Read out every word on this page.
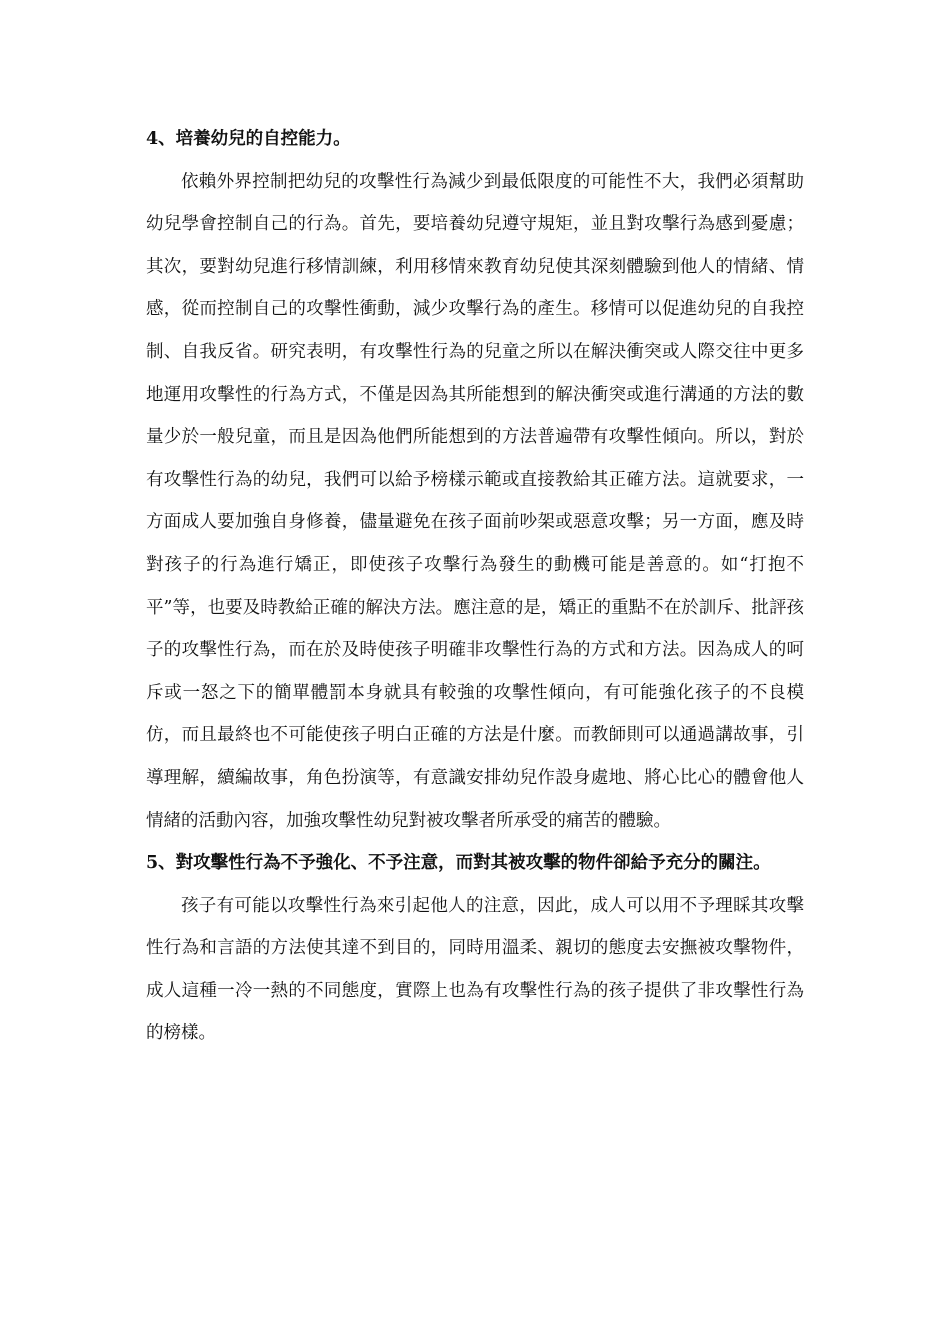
4、培養幼兒的自控能力。

依賴外界控制把幼兒的攻擊性行為減少到最低限度的可能性不大，我們必須幫助幼兒學會控制自己的行為。首先，要培養幼兒遵守規矩，並且對攻擊行為感到憂慮；其次，要對幼兒進行移情訓練，利用移情來教育幼兒使其深刻體驗到他人的情緒、情感，從而控制自己的攻擊性衝動，減少攻擊行為的產生。移情可以促進幼兒的自我控制、自我反省。研究表明，有攻擊性行為的兒童之所以在解決衝突或人際交往中更多地運用攻擊性的行為方式，不僅是因為其所能想到的解決衝突或進行溝通的方法的數量少於一般兒童，而且是因為他們所能想到的方法普遍帶有攻擊性傾向。所以，對於有攻擊性行為的幼兒，我們可以給予榜樣示範或直接教給其正確方法。這就要求，一方面成人要加強自身修養，儘量避免在孩子面前吵架或惡意攻擊；另一方面，應及時對孩子的行為進行矯正，即使孩子攻擊行為發生的動機可能是善意的。如“打抱不平”等，也要及時教給正確的解決方法。應注意的是，矯正的重點不在於訓斥、批評孩子的攻擊性行為，而在於及時使孩子明確非攻擊性行為的方式和方法。因為成人的呵斥或一怒之下的簡單體罰本身就具有較強的攻擊性傾向，有可能強化孩子的不良模仿，而且最終也不可能使孩子明白正確的方法是什麼。而教師則可以通過講故事，引導理解，續編故事，角色扮演等，有意識安排幼兒作設身處地、將心比心的體會他人情緒的活動內容，加強攻擊性幼兒對被攻擊者所承受的痛苦的體驗。

5、對攻擊性行為不予強化、不予注意，而對其被攻擊的物件卻給予充分的關注。

孩子有可能以攻擊性行為來引起他人的注意，因此，成人可以用不予理睬其攻擊性行為和言語的方法使其達不到目的，同時用溫柔、親切的態度去安撫被攻擊物件，成人這種一冷一熱的不同態度，實際上也為有攻擊性行為的孩子提供了非攻擊性行為的榜樣。
